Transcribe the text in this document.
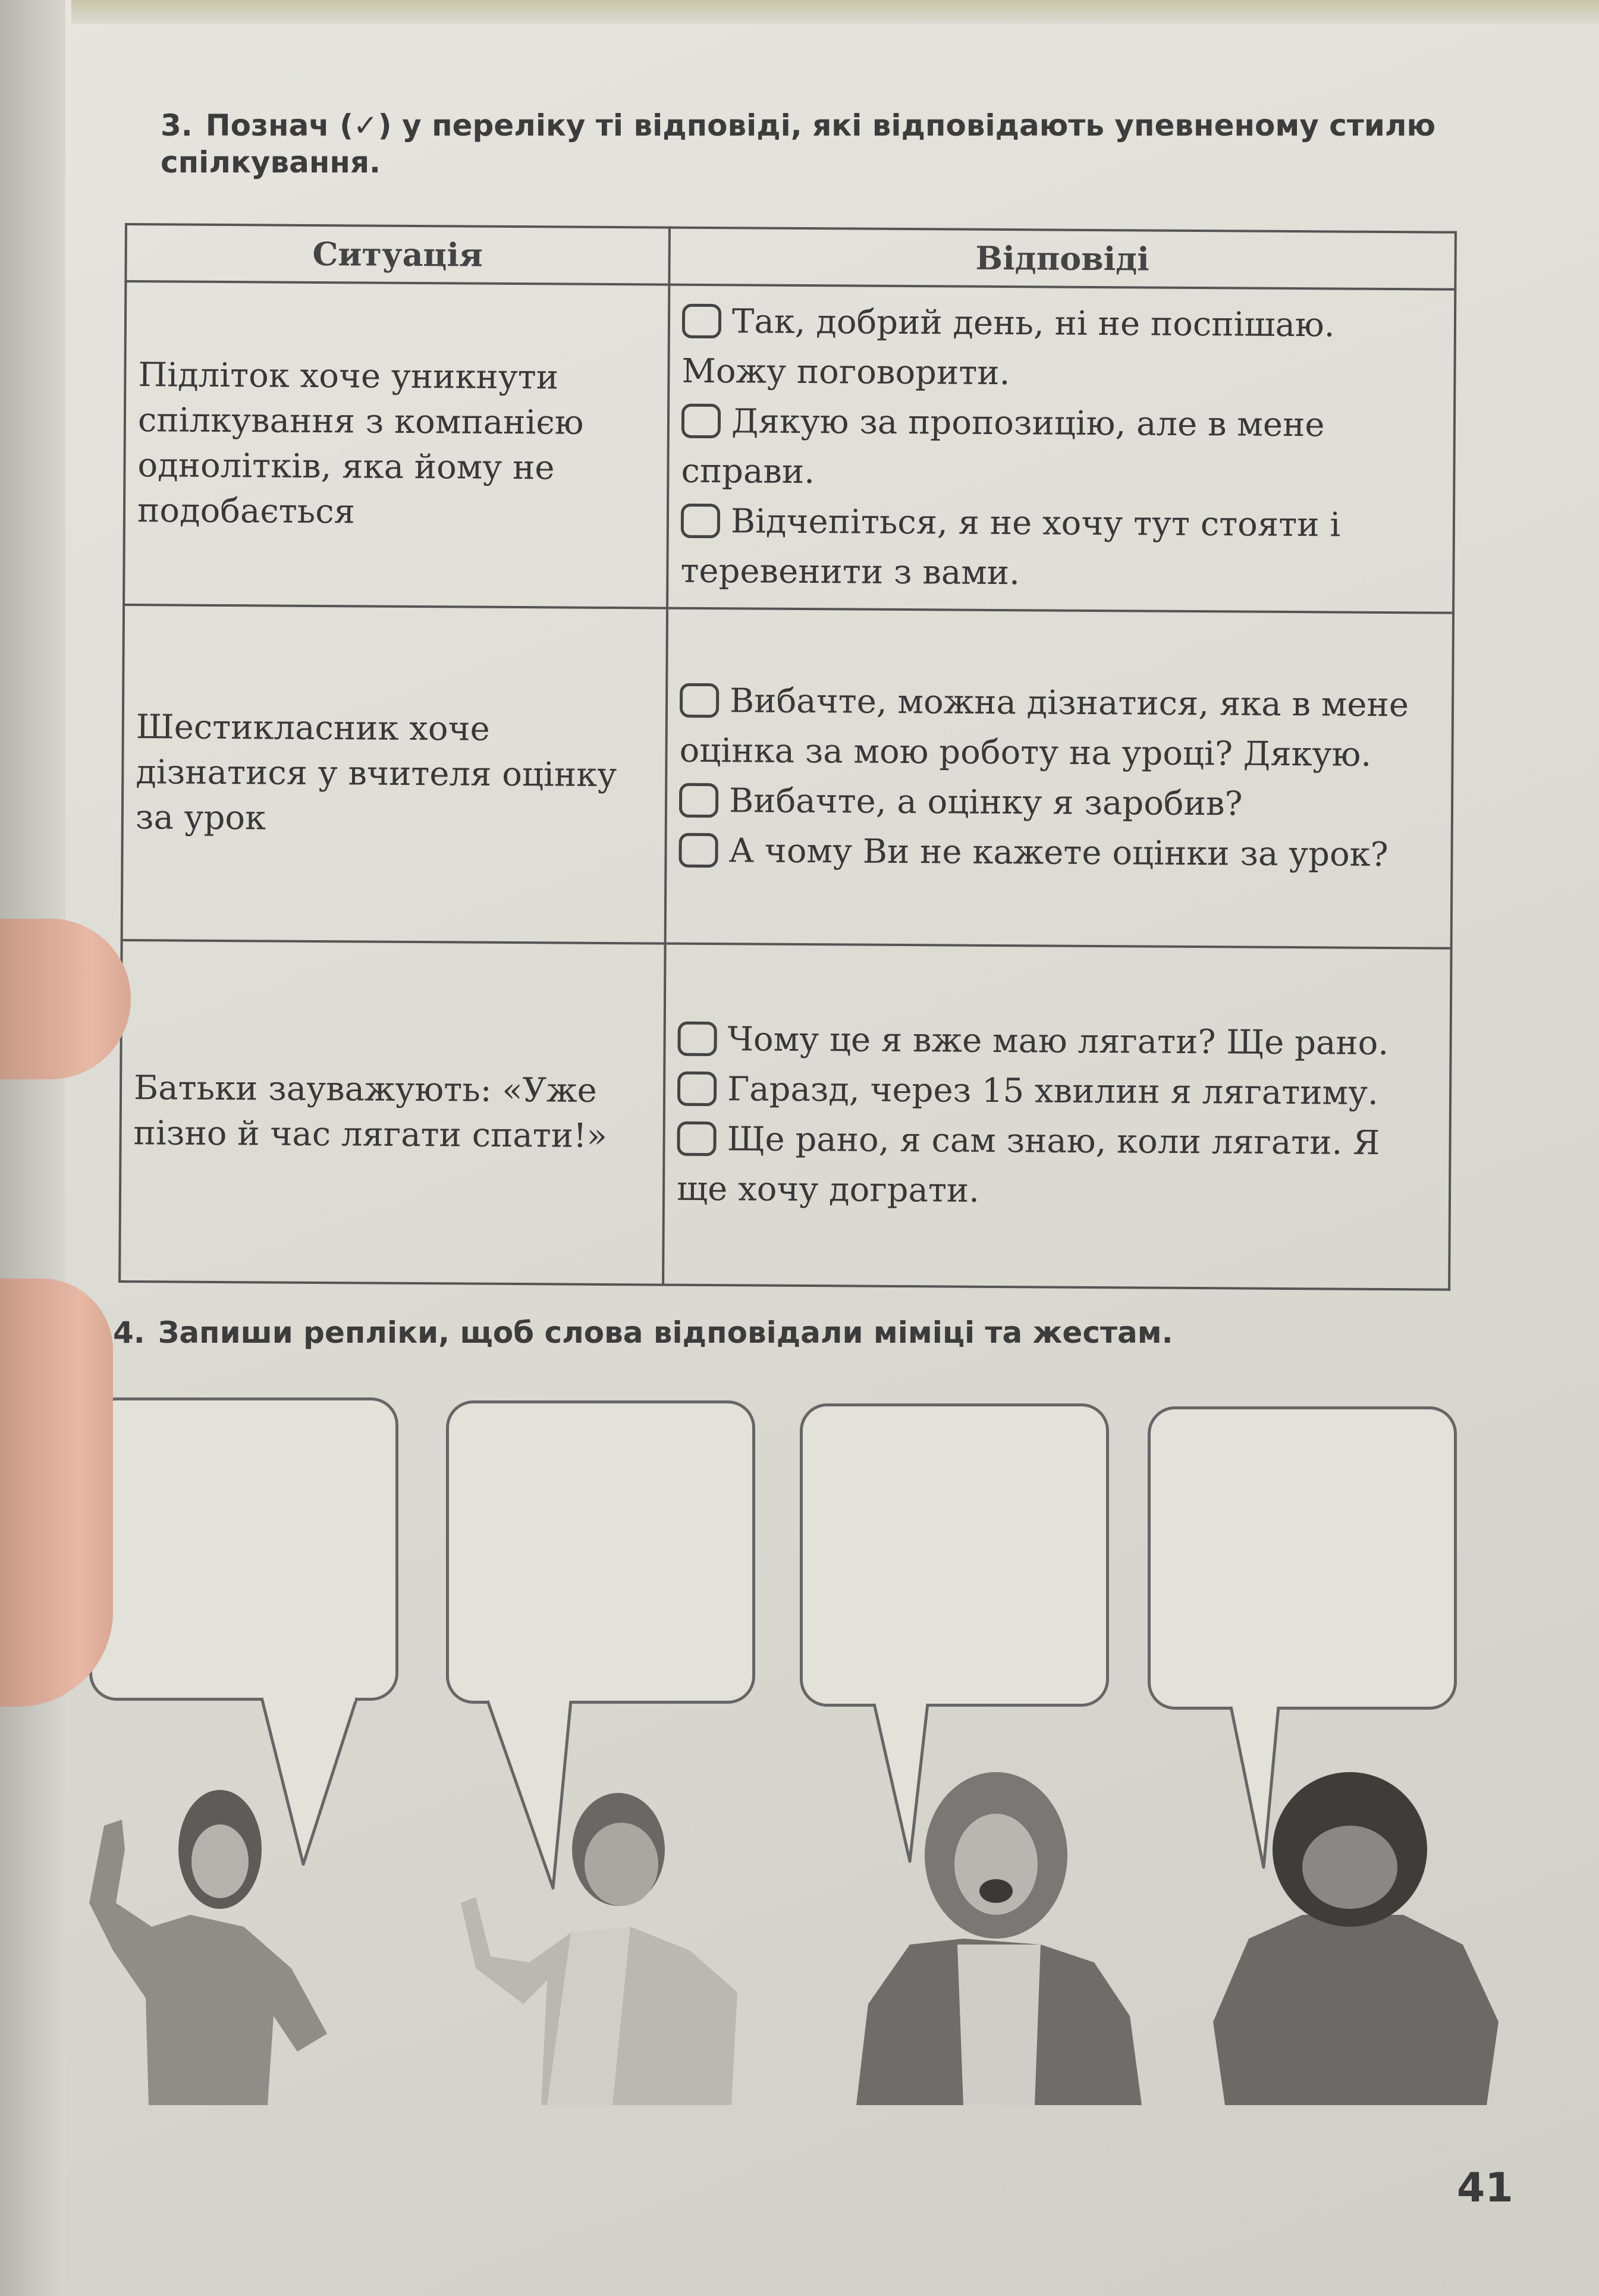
3. Познач (✓) у переліку ті відповіді, які відповідають упевненому стилю спілкування.
Ситуація	Відповіді
Підліток хоче уникнути спілкування з компанією однолітків, яка йому не подобається	Так, добрий день, ні не поспішаю. Можу поговорити.
Дякую за пропозицію, але в мене справи.
Відчепіться, я не хочу тут стояти і теревенити з вами.

Шестикласник хоче дізнатися у вчителя оцінку за урок	Вибачте, можна дізнатися, яка в мене оцінка за мою роботу на уроці? Дякую.
Вибачте, а оцінку я заробив?
А чому Ви не кажете оцінки за урок?

Батьки зауважують: «Уже пізно й час лягати спати!»	Чому це я вже маю лягати? Ще рано.
Гаразд, через 15 хвилин я лягатиму.
Ще рано, я сам знаю, коли лягати. Я ще хочу дограти.
4. Запиши репліки, щоб слова відповідали міміці та жестам.
41
